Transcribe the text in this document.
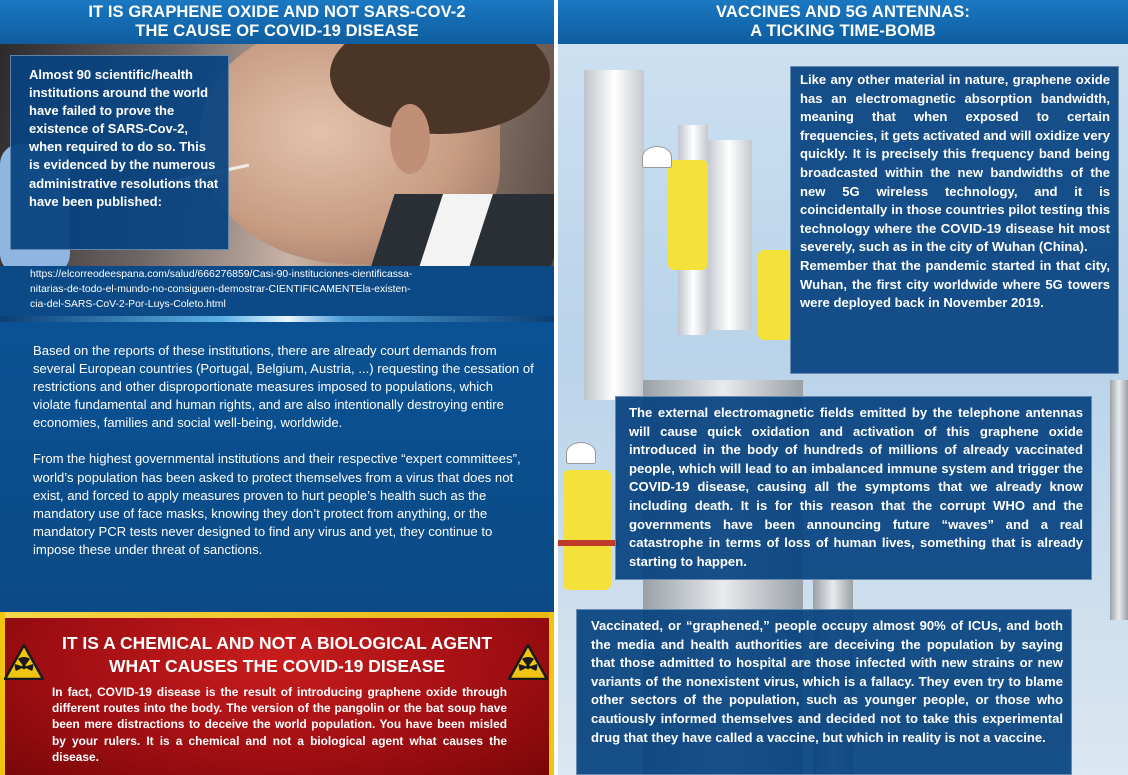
IT IS GRAPHENE OXIDE AND NOT SARS-COV-2
THE CAUSE OF COVID-19 DISEASE

Almost 90 scientific/health institutions around the world have failed to prove the existence of SARS-Cov-2, when required to do so. This is evidenced by the numerous administrative resolutions that have been published:

https://elcorreodeespana.com/salud/666276859/Casi-90-instituciones-cientificassa-

nitarias-de-todo-el-mundo-no-consiguen-demostrar-CIENTIFICAMENTEla-existen-

cia-del-SARS-CoV-2-Por-Luys-Coleto.html

Based on the reports of these institutions, there are already court demands from several European countries (Portugal, Belgium, Austria, ...) requesting the cessation of restrictions and other disproportionate measures imposed to populations, which violate fundamental and human rights, and are also intentionally destroying entire economies, families and social well-being, worldwide.

From the highest governmental institutions and their respective “expert committees”, world’s population has been asked to protect themselves from a virus that does not exist, and forced to apply measures proven to hurt people’s health such as the mandatory use of face masks, knowing they don’t protect from anything, or the mandatory PCR tests never designed to find any virus and yet, they continue to impose these under threat of sanctions.

IT IS A CHEMICAL AND NOT A BIOLOGICAL AGENT
WHAT CAUSES THE COVID-19 DISEASE

In fact, COVID-19 disease is the result of introducing graphene oxide through different routes into the body. The version of the pangolin or the bat soup have been mere distractions to deceive the world population. You have been misled by your rulers. It is a chemical and not a biological agent what causes the disease.

VACCINES AND 5G ANTENNAS:
A TICKING TIME-BOMB

Like any other material in nature, graphene oxide has an electromagnetic absorption bandwidth, meaning that when exposed to certain frequencies, it gets activated and will oxidize very quickly. It is precisely this frequency band being broadcasted within the new bandwidths of the new 5G wireless technology, and it is coincidentally in those countries pilot testing this technology where the COVID-19 disease hit most severely, such as in the city of Wuhan (China).

Remember that the pandemic started in that city, Wuhan, the first city worldwide where 5G towers were deployed back in November 2019.

The external electromagnetic fields emitted by the telephone antennas will cause quick oxidation and activation of this graphene oxide introduced in the body of hundreds of millions of already vaccinated people, which will lead to an imbalanced immune system and trigger the COVID-19 disease, causing all the symptoms that we already know including death. It is for this reason that the corrupt WHO and the governments have been announcing future “waves” and a real catastrophe in terms of loss of human lives, something that is already starting to happen.

Vaccinated, or “graphened,” people occupy almost 90% of ICUs, and both the media and health authorities are deceiving the population by saying that those admitted to hospital are those infected with new strains or new variants of the nonexistent virus, which is a fallacy. They even try to blame other sectors of the population, such as younger people, or those who cautiously informed themselves and decided not to take this experimental drug that they have called a vaccine, but which in reality is not a vaccine.
